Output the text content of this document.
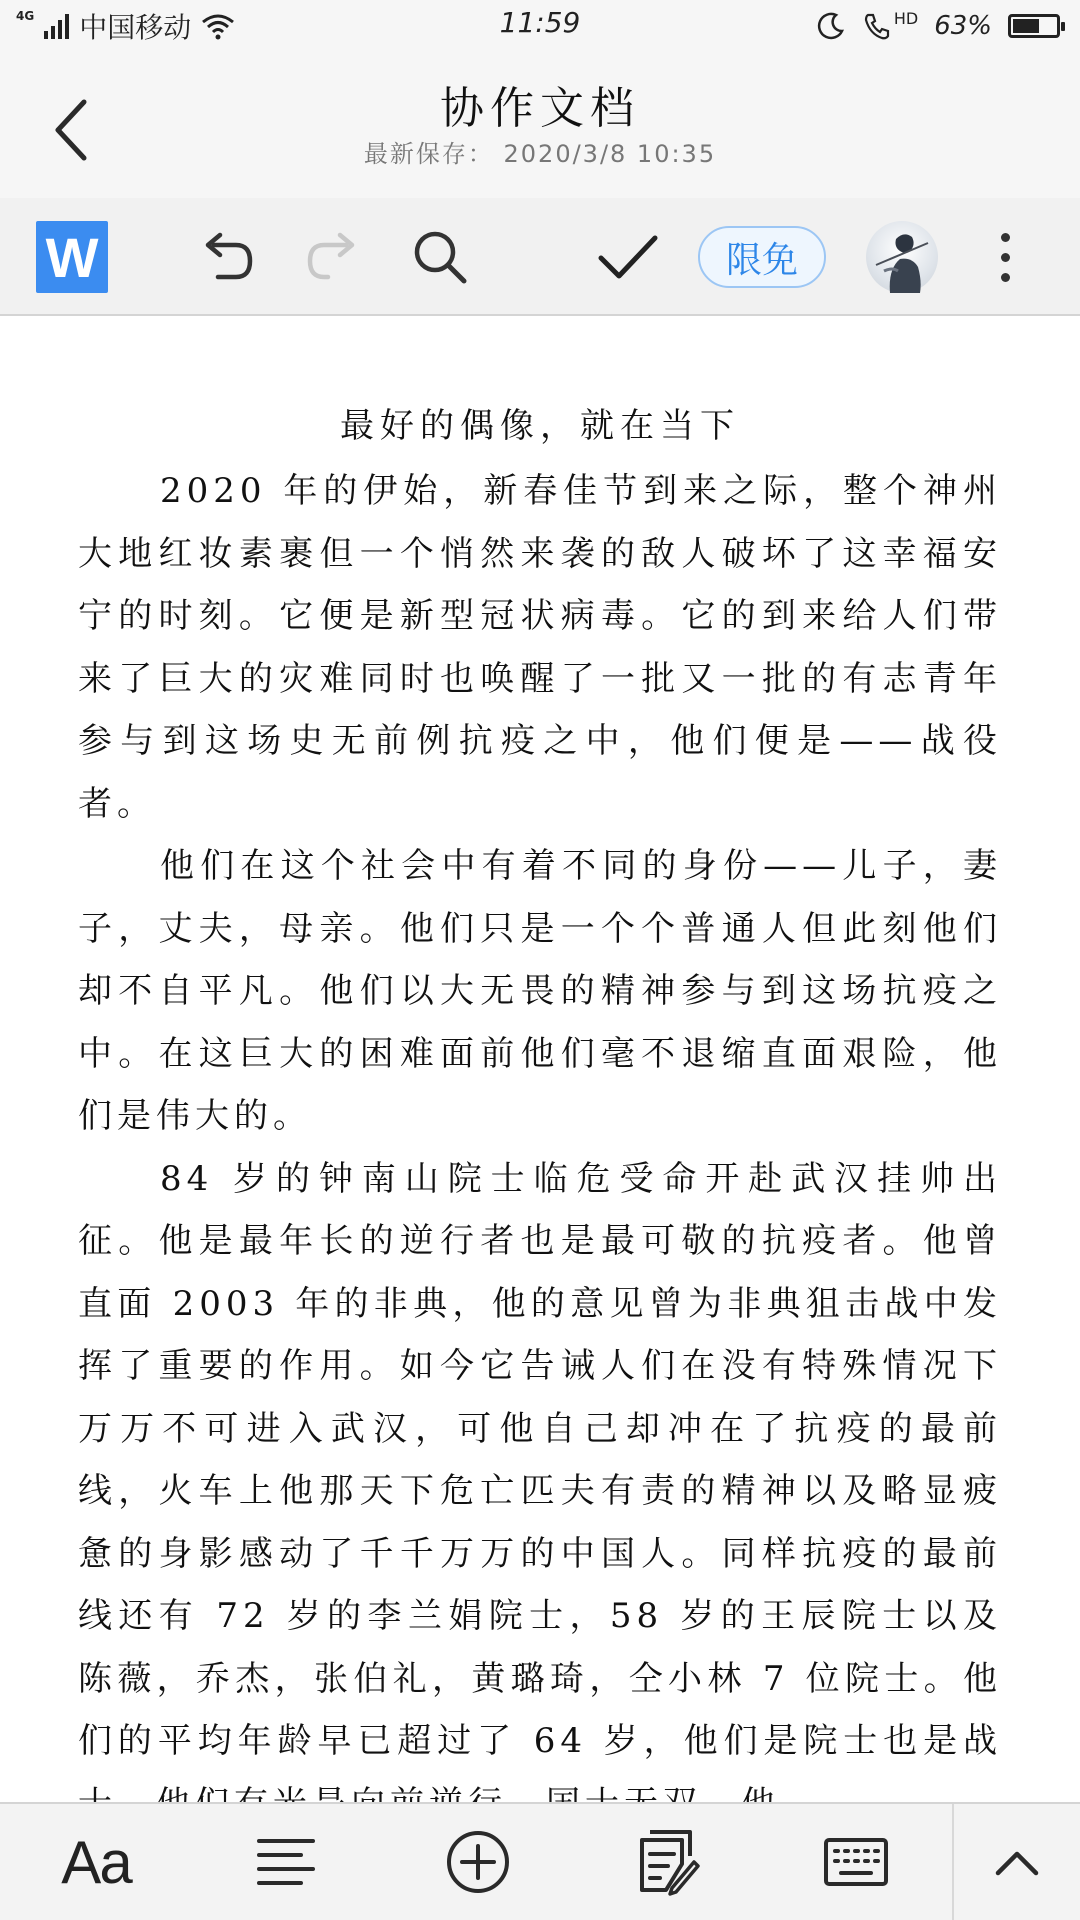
4G 中国移动	11:59	HD 63%
协作文档
最新保存： 2020/3/8 10:35
W	限免
最好的偶像，就在当下

2020 年的伊始，新春佳节到来之际，整个神州大地红妆素裹但一个悄然来袭的敌人破坏了这幸福安宁的时刻。它便是新型冠状病毒。它的到来给人们带来了巨大的灾难同时也唤醒了一批又一批的有志青年参与到这场史无前例抗疫之中，他们便是——战役者。

他们在这个社会中有着不同的身份——儿子，妻子，丈夫，母亲。他们只是一个个普通人但此刻他们却不自平凡。他们以大无畏的精神参与到这场抗疫之中。在这巨大的困难面前他们毫不退缩直面艰险，他们是伟大的。

84 岁的钟南山院士临危受命开赴武汉挂帅出征。他是最年长的逆行者也是最可敬的抗疫者。他曾直面 2003 年的非典，他的意见曾为非典狙击战中发挥了重要的作用。如今它告诫人们在没有特殊情况下万万不可进入武汉，可他自己却冲在了抗疫的最前线，火车上他那天下危亡匹夫有责的精神以及略显疲惫的身影感动了千千万万的中国人。同样抗疫的最前线还有 72 岁的李兰娟院士，58 岁的王辰院士以及陈薇，乔杰，张伯礼，黄璐琦，仝小林 7 位院士。他们的平均年龄早已超过了 64 岁，他们是院士也是战

Aa
